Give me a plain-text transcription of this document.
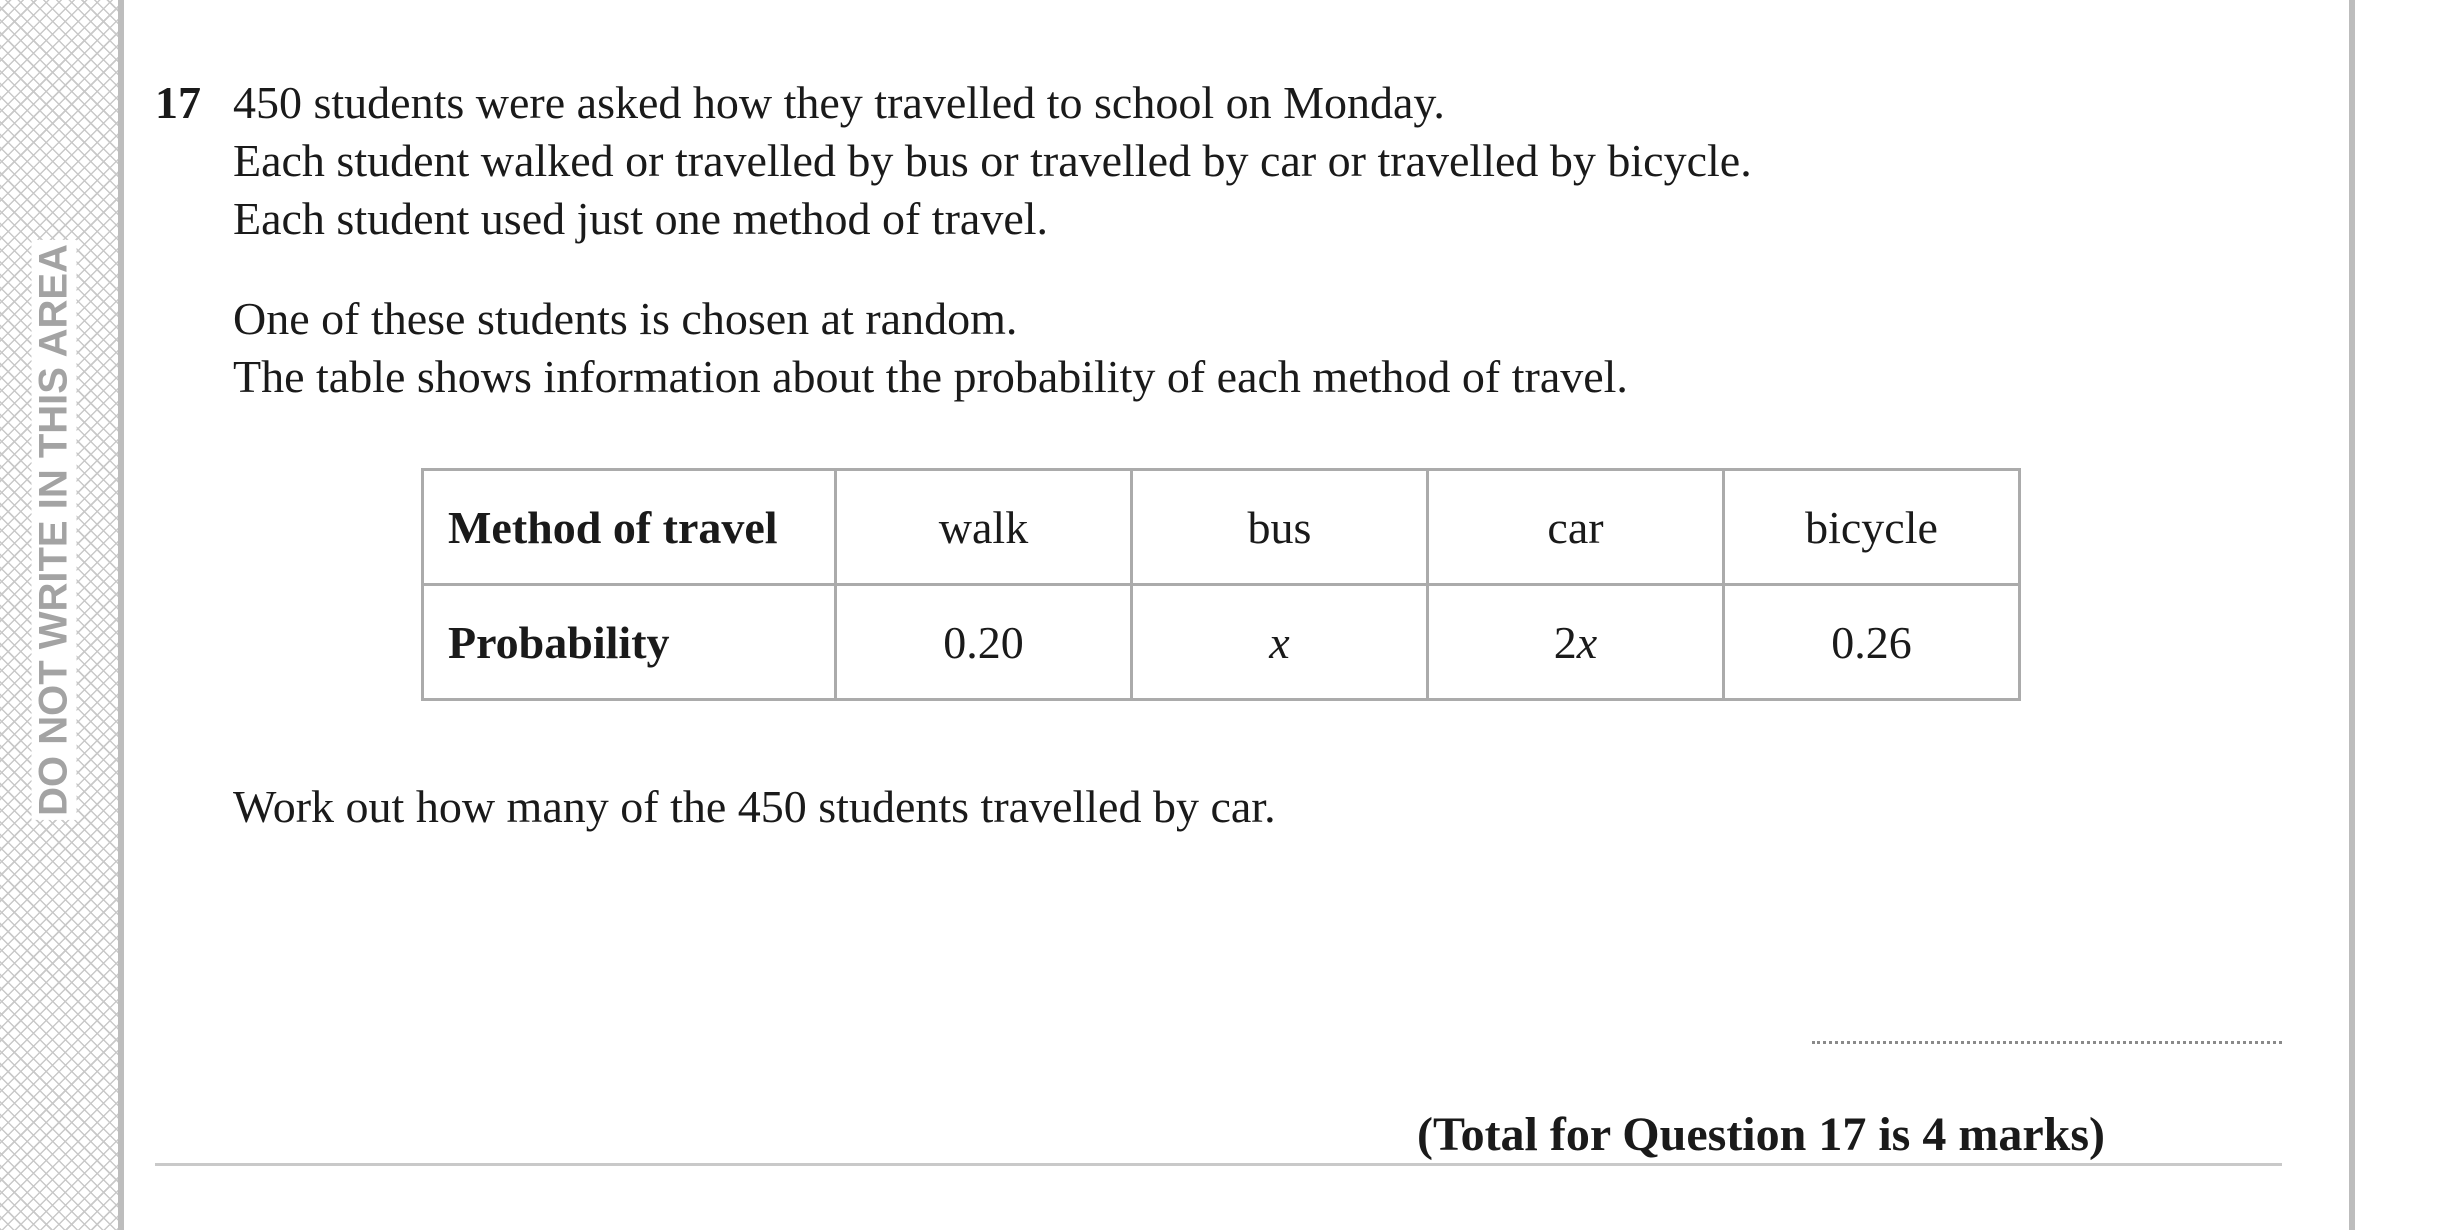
DO NOT WRITE IN THIS AREA
17 450 students were asked how they travelled to school on Monday.
Each student walked or travelled by bus or travelled by car or travelled by bicycle.
Each student used just one method of travel.
One of these students is chosen at random.
The table shows information about the probability of each method of travel.
Method of travel	walk	bus	car	bicycle
Probability	0.20	x	2x	0.26
Work out how many of the 450 students travelled by car.
(Total for Question 17 is 4 marks)
